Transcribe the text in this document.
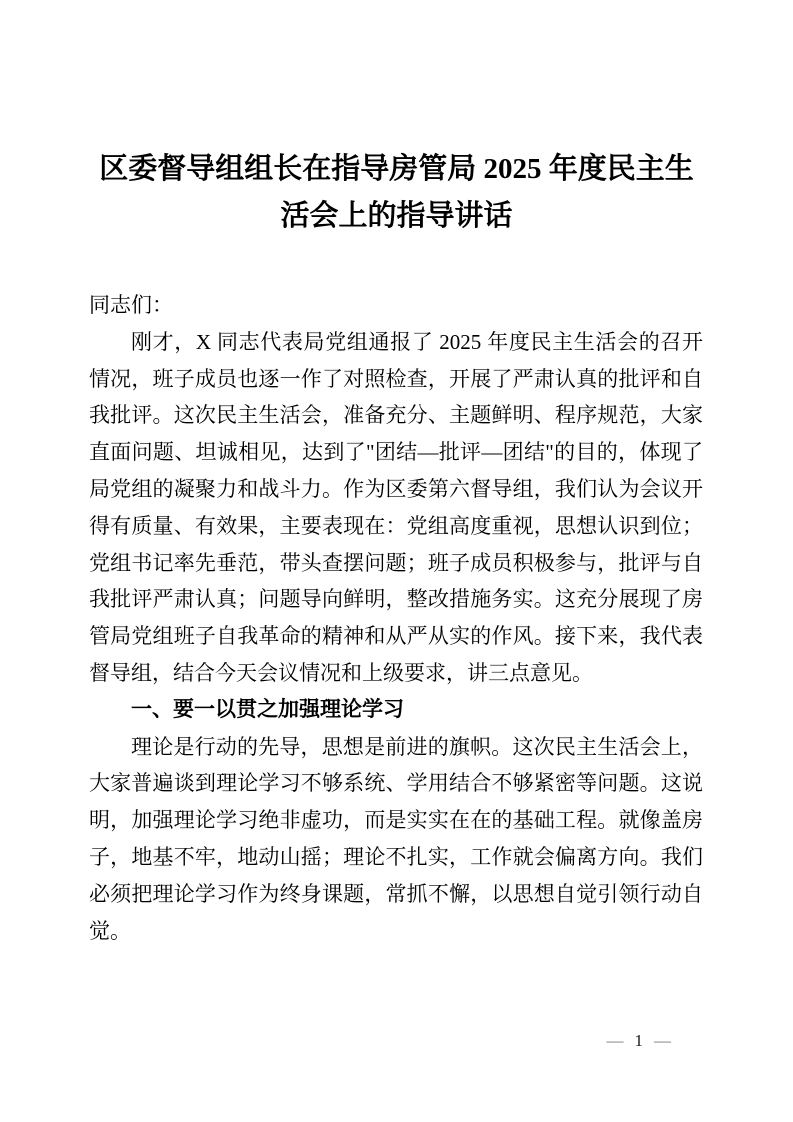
区委督导组组长在指导房管局 2025 年度民主生活会上的指导讲话

同志们：

刚才，X 同志代表局党组通报了 2025 年度民主生活会的召开情况，班子成员也逐一作了对照检查，开展了严肃认真的批评和自我批评。这次民主生活会，准备充分、主题鲜明、程序规范，大家直面问题、坦诚相见，达到了"团结—批评—团结"的目的，体现了局党组的凝聚力和战斗力。作为区委第六督导组，我们认为会议开得有质量、有效果，主要表现在：党组高度重视，思想认识到位；党组书记率先垂范，带头查摆问题；班子成员积极参与，批评与自我批评严肃认真；问题导向鲜明，整改措施务实。这充分展现了房管局党组班子自我革命的精神和从严从实的作风。接下来，我代表督导组，结合今天会议情况和上级要求，讲三点意见。

一、要一以贯之加强理论学习

理论是行动的先导，思想是前进的旗帜。这次民主生活会上，大家普遍谈到理论学习不够系统、学用结合不够紧密等问题。这说明，加强理论学习绝非虚功，而是实实在在的基础工程。就像盖房子，地基不牢，地动山摇；理论不扎实，工作就会偏离方向。我们必须把理论学习作为终身课题，常抓不懈，以思想自觉引领行动自觉。

— 1 —
